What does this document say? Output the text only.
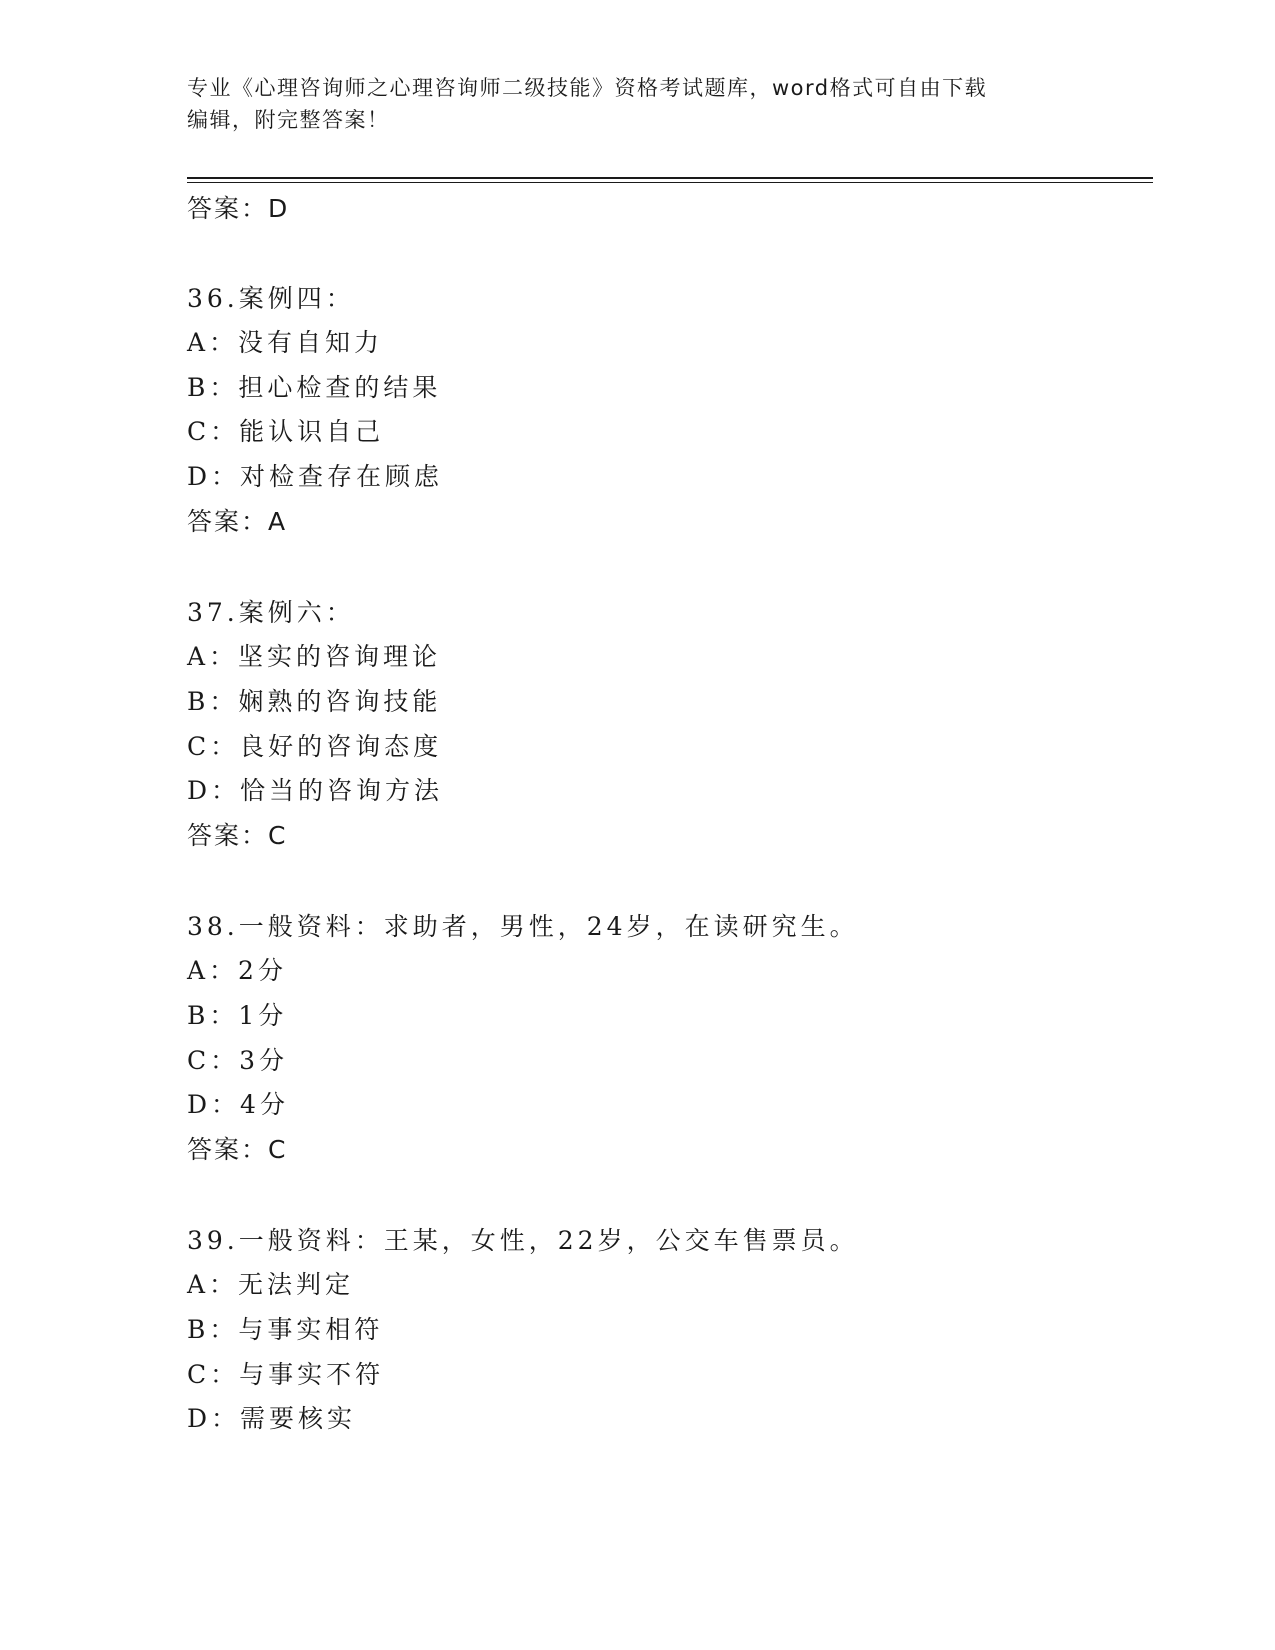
专业《心理咨询师之心理咨询师二级技能》资格考试题库，word格式可自由下载
编辑，附完整答案！
答案：D
36.案例四：
A：没有自知力
B：担心检查的结果
C：能认识自己
D：对检查存在顾虑
答案：A
37.案例六：
A：坚实的咨询理论
B：娴熟的咨询技能
C：良好的咨询态度
D：恰当的咨询方法
答案：C
38.一般资料：求助者，男性，24岁，在读研究生。
A：2分
B：1分
C：3分
D：4分
答案：C
39.一般资料：王某，女性，22岁，公交车售票员。
A：无法判定
B：与事实相符
C：与事实不符
D：需要核实
